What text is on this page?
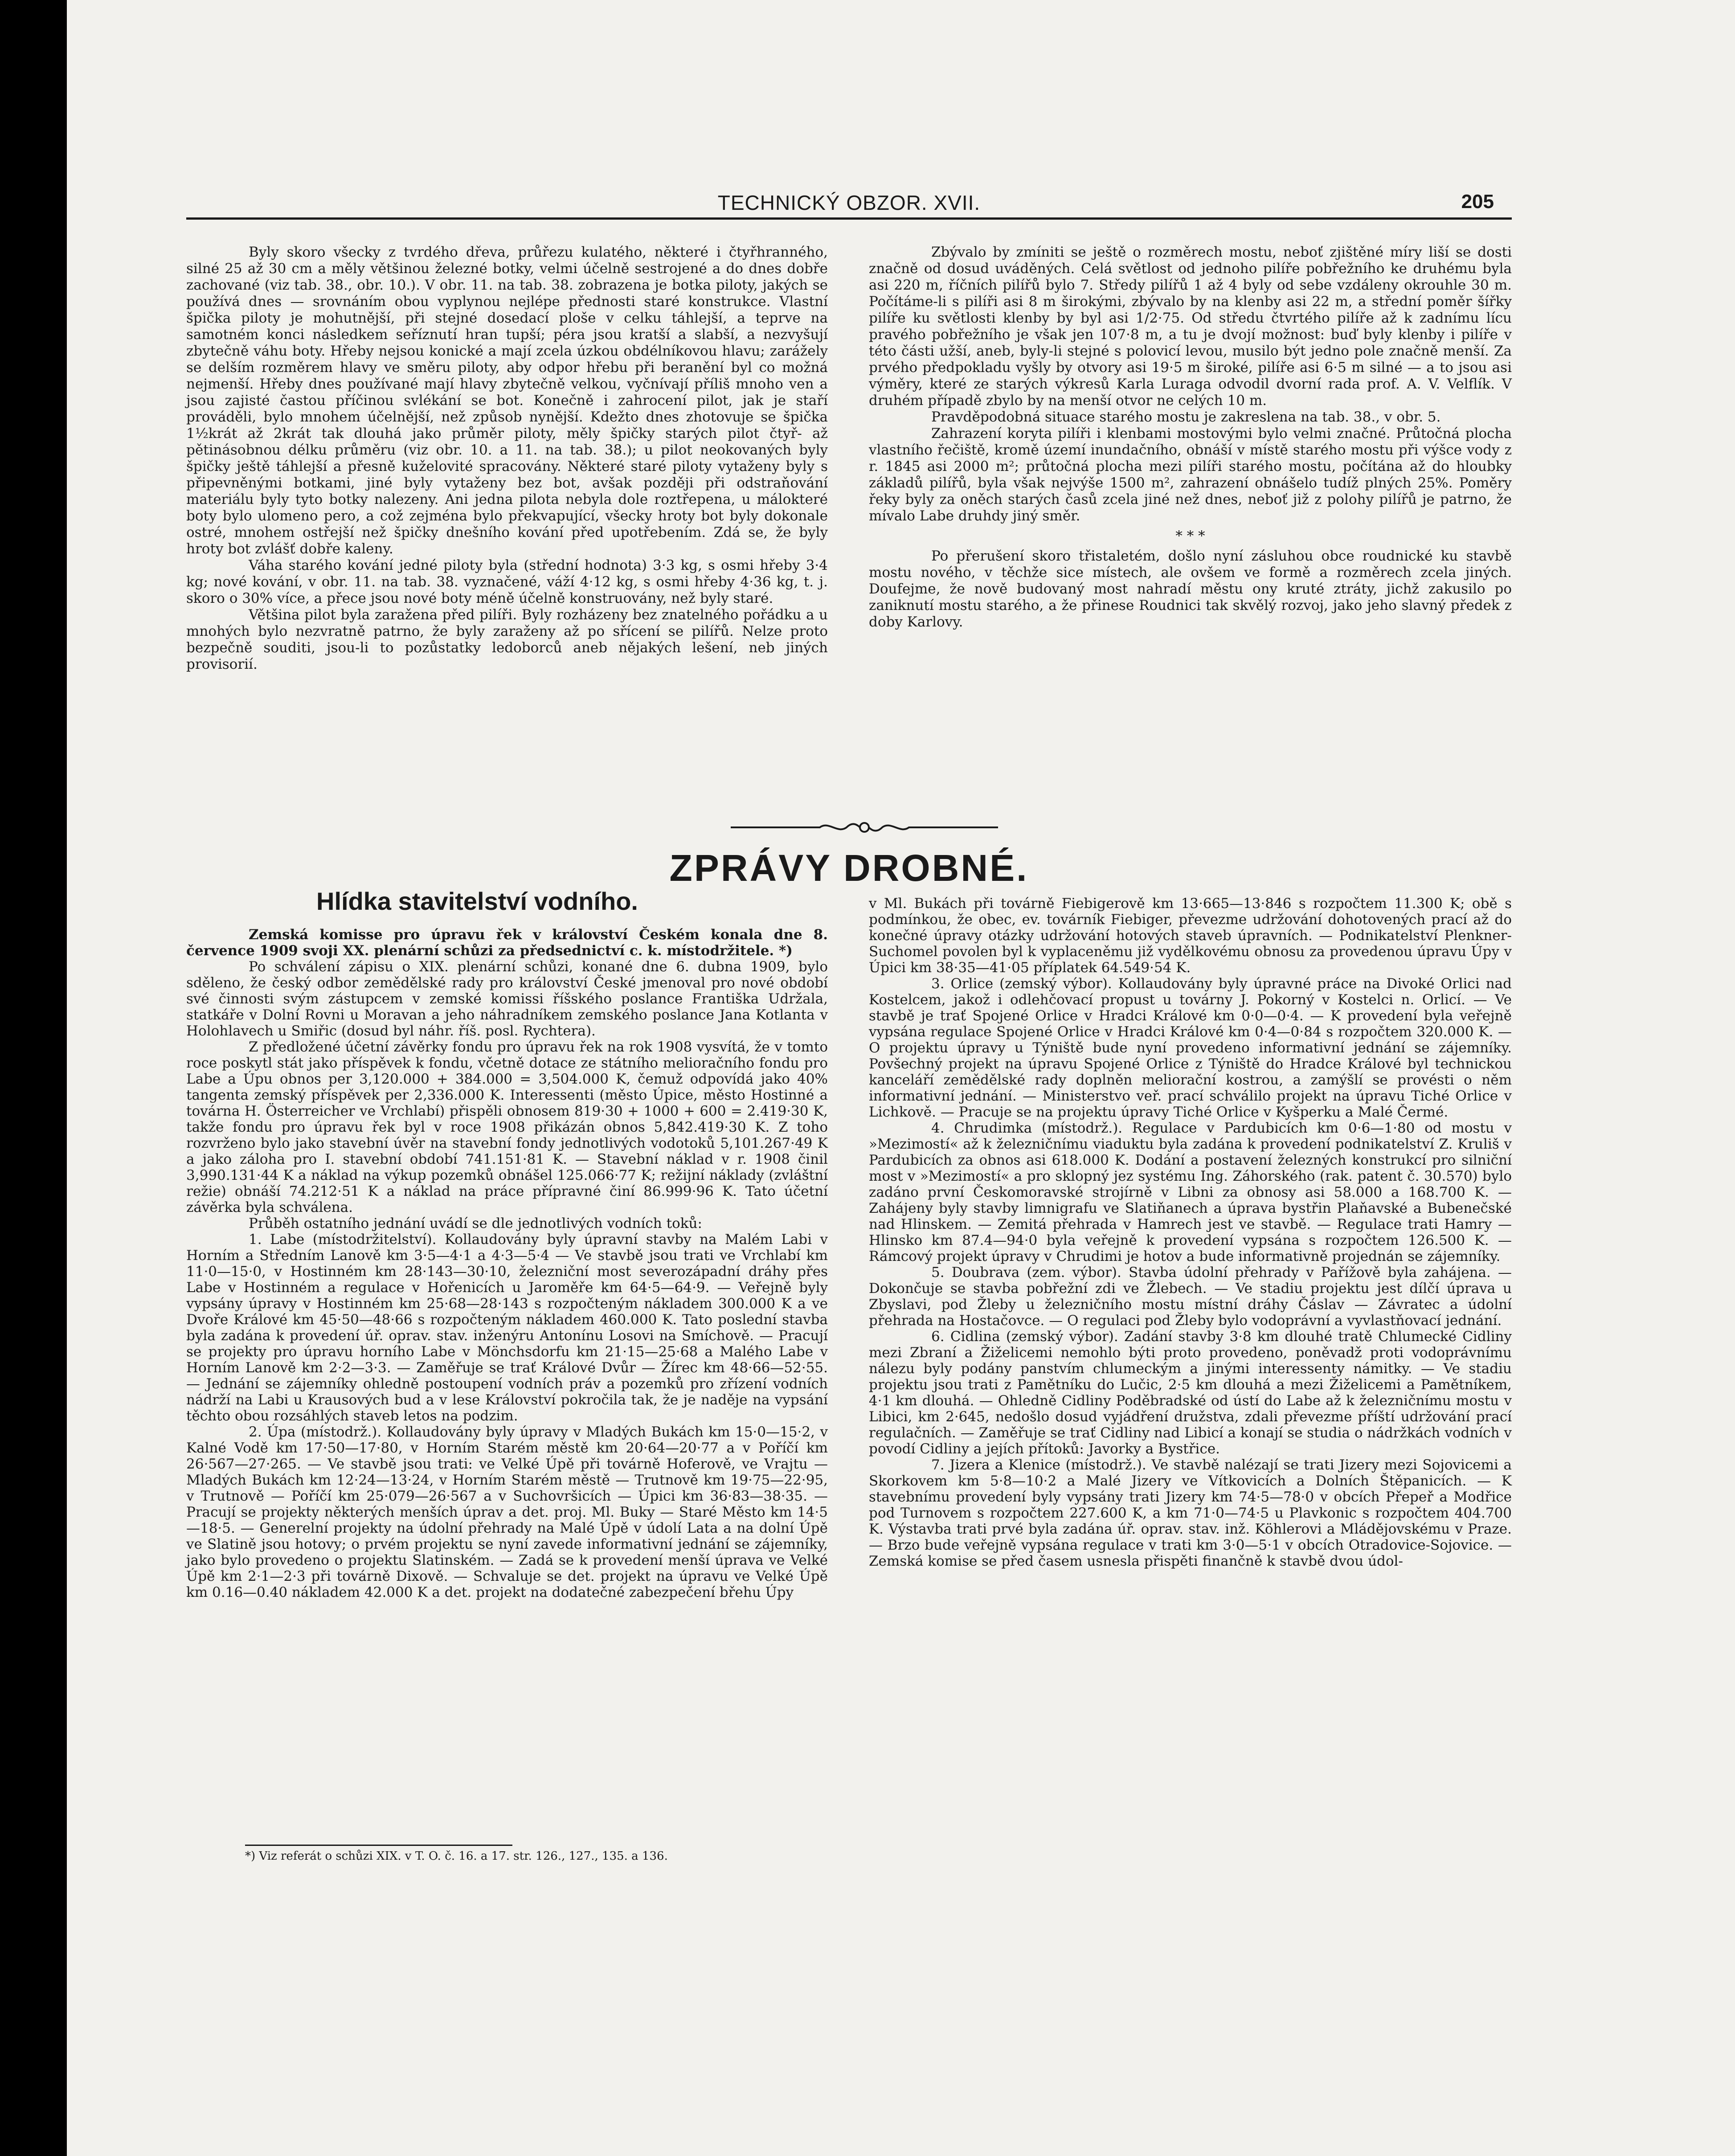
TECHNICKÝ OBZOR. XVII.	205

Byly skoro všecky z tvrdého dřeva, průřezu kulatého, některé i čtyřhranného, silné 25 až 30 cm a měly většinou železné botky, velmi účelně sestrojené a do dnes dobře zachované (viz tab. 38., obr. 10.). V obr. 11. na tab. 38. zobrazena je botka piloty, jakých se používá dnes — srovnáním obou vyplynou nejlépe přednosti staré konstrukce. Vlastní špička piloty je mohutnější, při stejné dosedací ploše v celku táhlejší, a teprve na samotném konci následkem seříznutí hran tupší; péra jsou kratší a slabší, a nezvyšují zbytečně váhu boty. Hřeby nejsou konické a mají zcela úzkou obdélníkovou hlavu; zarážely se delším rozměrem hlavy ve směru piloty, aby odpor hřebu při beranění byl co možná nejmenší. Hřeby dnes používané mají hlavy zbytečně velkou, vyčnívají příliš mnoho ven a jsou zajisté častou příčinou svlékání se bot. Konečně i zahrocení pilot, jak je staří prováděli, bylo mnohem účelnější, než způsob nynější. Kdežto dnes zhotovuje se špička 1½krát až 2krát tak dlouhá jako průměr piloty, měly špičky starých pilot čtyř- až pětinásobnou délku průměru (viz obr. 10. a 11. na tab. 38.); u pilot neokovaných byly špičky ještě táhlejší a přesně kuželovité spracovány. Některé staré piloty vytaženy byly s připevněnými botkami, jiné byly vytaženy bez bot, avšak později při odstraňování materiálu byly tyto botky nalezeny. Ani jedna pilota nebyla dole roztřepena, u málokteré boty bylo ulomeno pero, a což zejména bylo překvapující, všecky hroty bot byly dokonale ostré, mnohem ostřejší než špičky dnešního kování před upotřebením. Zdá se, že byly hroty bot zvlášť dobře kaleny.

Váha starého kování jedné piloty byla (střední hodnota) 3·3 kg, s osmi hřeby 3·4 kg; nové kování, v obr. 11. na tab. 38. vyznačené, váží 4·12 kg, s osmi hřeby 4·36 kg, t. j. skoro o 30% více, a přece jsou nové boty méně účelně konstruovány, než byly staré.

Většina pilot byla zaražena před pilíři. Byly rozházeny bez znatelného pořádku a u mnohých bylo nezvratně patrno, že byly zaraženy až po sřícení se pilířů. Nelze proto bezpečně souditi, jsou-li to pozůstatky ledoborců aneb nějakých lešení, neb jiných provisorií.

Zbývalo by zmíniti se ještě o rozměrech mostu, neboť zjištěné míry liší se dosti značně od dosud uváděných. Celá světlost od jednoho pilíře pobřežního ke druhému byla asi 220 m, říčních pilířů bylo 7. Středy pilířů 1 až 4 byly od sebe vzdáleny okrouhle 30 m. Počítáme-li s pilíři asi 8 m širokými, zbývalo by na klenby asi 22 m, a střední poměr šířky pilíře ku světlosti klenby by byl asi 1/2·75. Od středu čtvrtého pilíře až k zadnímu lícu pravého pobřežního je však jen 107·8 m, a tu je dvojí možnost: buď byly klenby i pilíře v této části užší, aneb, byly-li stejné s polovicí levou, musilo být jedno pole značně menší. Za prvého předpokladu vyšly by otvory asi 19·5 m široké, pilíře asi 6·5 m silné — a to jsou asi výměry, které ze starých výkresů Karla Luraga odvodil dvorní rada prof. A. V. Velflík. V druhém případě zbylo by na menší otvor ne celých 10 m.

Pravděpodobná situace starého mostu je zakreslena na tab. 38., v obr. 5.

Zahrazení koryta pilíři i klenbami mostovými bylo velmi značné. Průtočná plocha vlastního řečiště, kromě území inundačního, obnáší v místě starého mostu při výšce vody z r. 1845 asi 2000 m²; průtočná plocha mezi pilíři starého mostu, počítána až do hloubky základů pilířů, byla však nejvýše 1500 m², zahrazení obnášelo tudíž plných 25%. Poměry řeky byly za oněch starých časů zcela jiné než dnes, neboť již z polohy pilířů je patrno, že mívalo Labe druhdy jiný směr.

* * *

Po přerušení skoro třistaletém, došlo nyní zásluhou obce roudnické ku stavbě mostu nového, v těchže sice místech, ale ovšem ve formě a rozměrech zcela jiných. Doufejme, že nově budovaný most nahradí městu ony kruté ztráty, jichž zakusilo po zaniknutí mostu starého, a že přinese Roudnici tak skvělý rozvoj, jako jeho slavný předek z doby Karlovy.

ZPRÁVY DROBNÉ.
Hlídka stavitelství vodního.

Zemská komisse pro úpravu řek v království Českém konala dne 8. července 1909 svoji XX. plenární schůzi za předsednictví c. k. místodržitele. *)

Po schválení zápisu o XIX. plenární schůzi, konané dne 6. dubna 1909, bylo sděleno, že český odbor zemědělské rady pro království České jmenoval pro nové období své činnosti svým zástupcem v zemské komissi říšského poslance Františka Udržala, statkáře v Dolní Rovni u Moravan a jeho náhradníkem zemského poslance Jana Kotlanta v Holohlavech u Smiřic (dosud byl náhr. říš. posl. Rychtera).

Z předložené účetní závěrky fondu pro úpravu řek na rok 1908 vysvítá, že v tomto roce poskytl stát jako příspěvek k fondu, včetně dotace ze státního melioračního fondu pro Labe a Úpu obnos per 3,120.000 + 384.000 = 3,504.000 K, čemuž odpovídá jako 40% tangenta zemský příspěvek per 2,336.000 K. Interessenti (město Úpice, město Hostinné a továrna H. Österreicher ve Vrchlabí) přispěli obnosem 819·30 + 1000 + 600 = 2.419·30 K, takže fondu pro úpravu řek byl v roce 1908 přikázán obnos 5,842.419·30 K. Z toho rozvrženo bylo jako stavební úvěr na stavební fondy jednotlivých vodotoků 5,101.267·49 K a jako záloha pro I. stavební období 741.151·81 K. — Stavební náklad v r. 1908 činil 3,990.131·44 K a náklad na výkup pozemků obnášel 125.066·77 K; režijní náklady (zvláštní režie) obnáší 74.212·51 K a náklad na práce přípravné činí 86.999·96 K. Tato účetní závěrka byla schválena.

Průběh ostatního jednání uvádí se dle jednotlivých vodních toků:

1. Labe (místodržitelství). Kollaudovány byly úpravní stavby na Malém Labi v Horním a Středním Lanově km 3·5—4·1 a 4·3—5·4 — Ve stavbě jsou trati ve Vrchlabí km 11·0—15·0, v Hostinném km 28·143—30·10, železniční most severozápadní dráhy přes Labe v Hostinném a regulace v Hořenicích u Jaroměře km 64·5—64·9. — Veřejně byly vypsány úpravy v Hostinném km 25·68—28·143 s rozpočteným nákladem 300.000 K a ve Dvoře Králové km 45·50—48·66 s rozpočteným nákladem 460.000 K. Tato poslední stavba byla zadána k provedení úř. oprav. stav. inženýru Antonínu Losovi na Smíchově. — Pracují se projekty pro úpravu horního Labe v Mönchsdorfu km 21·15—25·68 a Malého Labe v Horním Lanově km 2·2—3·3. — Zaměřuje se trať Králové Dvůr — Žírec km 48·66—52·55. — Jednání se zájemníky ohledně postoupení vodních práv a pozemků pro zřízení vodních nádrží na Labi u Krausových bud a v lese Království pokročila tak, že je naděje na vypsání těchto obou rozsáhlých staveb letos na podzim.

2. Úpa (místodrž.). Kollaudovány byly úpravy v Mladých Bukách km 15·0—15·2, v Kalné Vodě km 17·50—17·80, v Horním Starém městě km 20·64—20·77 a v Poříčí km 26·567—27·265. — Ve stavbě jsou trati: ve Velké Úpě při továrně Hoferově, ve Vrajtu — Mladých Bukách km 12·24—13·24, v Horním Starém městě — Trutnově km 19·75—22·95, v Trutnově — Poříčí km 25·079—26·567 a v Suchovršicích — Úpici km 36·83—38·35. — Pracují se projekty některých menších úprav a det. proj. Ml. Buky — Staré Město km 14·5—18·5. — Generelní projekty na údolní přehrady na Malé Úpě v údolí Lata a na dolní Úpě ve Slatině jsou hotovy; o prvém projektu se nyní zavede informativní jednání se zájemníky, jako bylo provedeno o projektu Slatinském. — Zadá se k provedení menší úprava ve Velké Úpě km 2·1—2·3 při továrně Dixově. — Schvaluje se det. projekt na úpravu ve Velké Úpě km 0.16—0.40 nákladem 42.000 K a det. projekt na dodatečné zabezpečení břehu Úpy

*) Viz referát o schůzi XIX. v T. O. č. 16. a 17. str. 126., 127., 135. a 136.

v Ml. Bukách při továrně Fiebigerově km 13·665—13·846 s rozpočtem 11.300 K; obě s podmínkou, že obec, ev. továrník Fiebiger, převezme udržování dohotovených prací až do konečné úpravy otázky udržování hotových staveb úpravních. — Podnikatelství Plenkner-Suchomel povolen byl k vyplaceněmu již vydělkovému obnosu za provedenou úpravu Úpy v Úpici km 38·35—41·05 příplatek 64.549·54 K.

3. Orlice (zemský výbor). Kollaudovány byly úpravné práce na Divoké Orlici nad Kostelcem, jakož i odlehčovací propust u továrny J. Pokorný v Kostelci n. Orlicí. — Ve stavbě je trať Spojené Orlice v Hradci Králové km 0·0—0·4. — K provedení byla veřejně vypsána regulace Spojené Orlice v Hradci Králové km 0·4—0·84 s rozpočtem 320.000 K. — O projektu úpravy u Týniště bude nyní provedeno informativní jednání se zájemníky. Povšechný projekt na úpravu Spojené Orlice z Týniště do Hradce Králové byl technickou kanceláří zemědělské rady doplněn meliorační kostrou, a zamýšlí se provésti o něm informativní jednání. — Ministerstvo veř. prací schválilo projekt na úpravu Tiché Orlice v Lichkově. — Pracuje se na projektu úpravy Tiché Orlice v Kyšperku a Malé Čermé.

4. Chrudimka (místodrž.). Regulace v Pardubicích km 0·6—1·80 od mostu v »Mezimostí« až k železničnímu viaduktu byla zadána k provedení podnikatelství Z. Kruliš v Pardubicích za obnos asi 618.000 K. Dodání a postavení železných konstrukcí pro silniční most v »Mezimostí« a pro sklopný jez systému Ing. Záhorského (rak. patent č. 30.570) bylo zadáno první Českomoravské strojírně v Libni za obnosy asi 58.000 a 168.700 K. — Zahájeny byly stavby limnigrafu ve Slatiňanech a úprava bystřin Plaňavské a Bubenečské nad Hlinskem. — Zemitá přehrada v Hamrech jest ve stavbě. — Regulace trati Hamry — Hlinsko km 87.4—94·0 byla veřejně k provedení vypsána s rozpočtem 126.500 K. — Rámcový projekt úpravy v Chrudimi je hotov a bude informativně projednán se zájemníky.

5. Doubrava (zem. výbor). Stavba údolní přehrady v Pařížově byla zahájena. — Dokončuje se stavba pobřežní zdi ve Žlebech. — Ve stadiu projektu jest dílčí úprava u Zbyslavi, pod Žleby u železničního mostu místní dráhy Čáslav — Závratec a údolní přehrada na Hostačovce. — O regulaci pod Žleby bylo vodoprávní a vyvlastňovací jednání.

6. Cidlina (zemský výbor). Zadání stavby 3·8 km dlouhé tratě Chlumecké Cidliny mezi Zbraní a Žiželicemi nemohlo býti proto provedeno, poněvadž proti vodoprávnímu nálezu byly podány panstvím chlumeckým a jinými interessenty námitky. — Ve stadiu projektu jsou trati z Pamětníku do Lučic, 2·5 km dlouhá a mezi Žiželicemi a Pamětníkem, 4·1 km dlouhá. — Ohledně Cidliny Poděbradské od ústí do Labe až k železničnímu mostu v Libici, km 2·645, nedošlo dosud vyjádření družstva, zdali převezme příští udržování prací regulačních. — Zaměřuje se trať Cidliny nad Libicí a konají se studia o nádržkách vodních v povodí Cidliny a jejích přítoků: Javorky a Bystřice.

7. Jizera a Klenice (místodrž.). Ve stavbě nalézají se trati Jizery mezi Sojovicemi a Skorkovem km 5·8—10·2 a Malé Jizery ve Vítkovicích a Dolních Štěpanicích. — K stavebnímu provedení byly vypsány trati Jizery km 74·5—78·0 v obcích Přepeř a Modřice pod Turnovem s rozpočtem 227.600 K, a km 71·0—74·5 u Plavkonic s rozpočtem 404.700 K. Výstavba trati prvé byla zadána úř. oprav. stav. inž. Köhlerovi a Mládějovskému v Praze. — Brzo bude veřejně vypsána regulace v trati km 3·0—5·1 v obcích Otradovice-Sojovice. — Zemská komise se před časem usnesla přispěti finančně k stavbě dvou údol-
